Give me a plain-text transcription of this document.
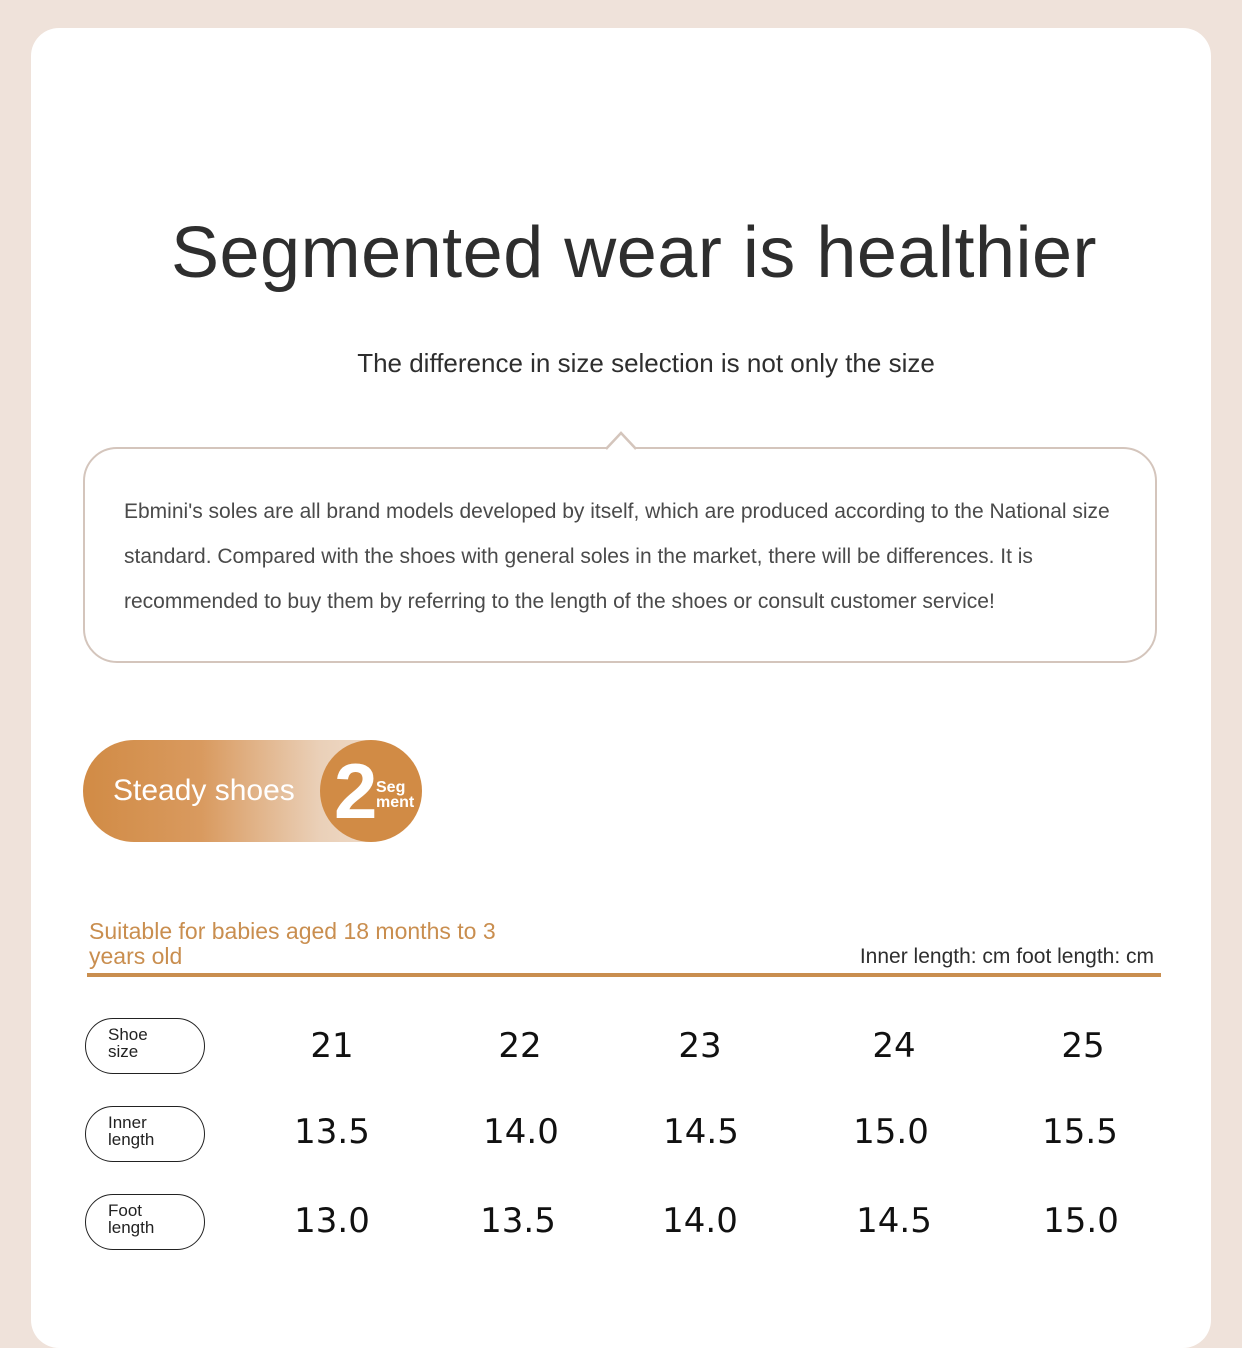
Segmented wear is healthier
The difference in size selection is not only the size

Ebmini's soles are all brand models developed by itself, which are produced according to the National size standard. Compared with the shoes with general soles in the market, there will be differences. It is recommended to buy them by referring to the length of the shoes or consult customer service!

Steady shoes 2
Seg
ment
Suitable for babies aged 18 months to 3 years old	Inner length: cm foot length: cm
Shoe size	21	22	23	24	25
Inner length	13.5	14.0	14.5	15.0	15.5
Foot length	13.0	13.5	14.0	14.5	15.0
